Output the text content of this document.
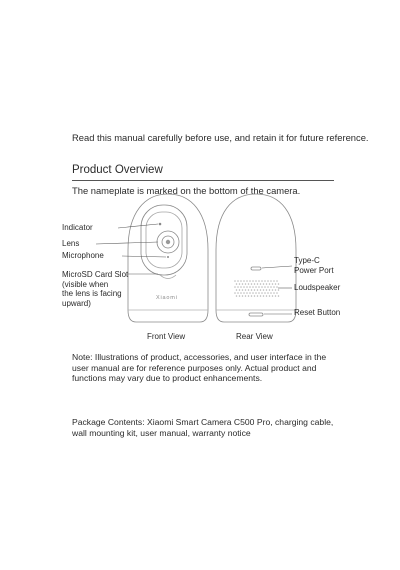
Read this manual carefully before use, and retain it for future reference.
Product Overview
The nameplate is marked on the bottom of the camera.
Indicator
Lens
Microphone
MicroSD Card Slot
(visible when
the lens is facing
upward)
Xiaomi
Front View
Type-C
Power Port
Loudspeaker
Reset Button
Rear View
Note: Illustrations of product, accessories, and user interface in the user manual are for reference purposes only. Actual product and functions may vary due to product enhancements.
Package Contents: Xiaomi Smart Camera C500 Pro, charging cable, wall mounting kit, user manual, warranty notice
